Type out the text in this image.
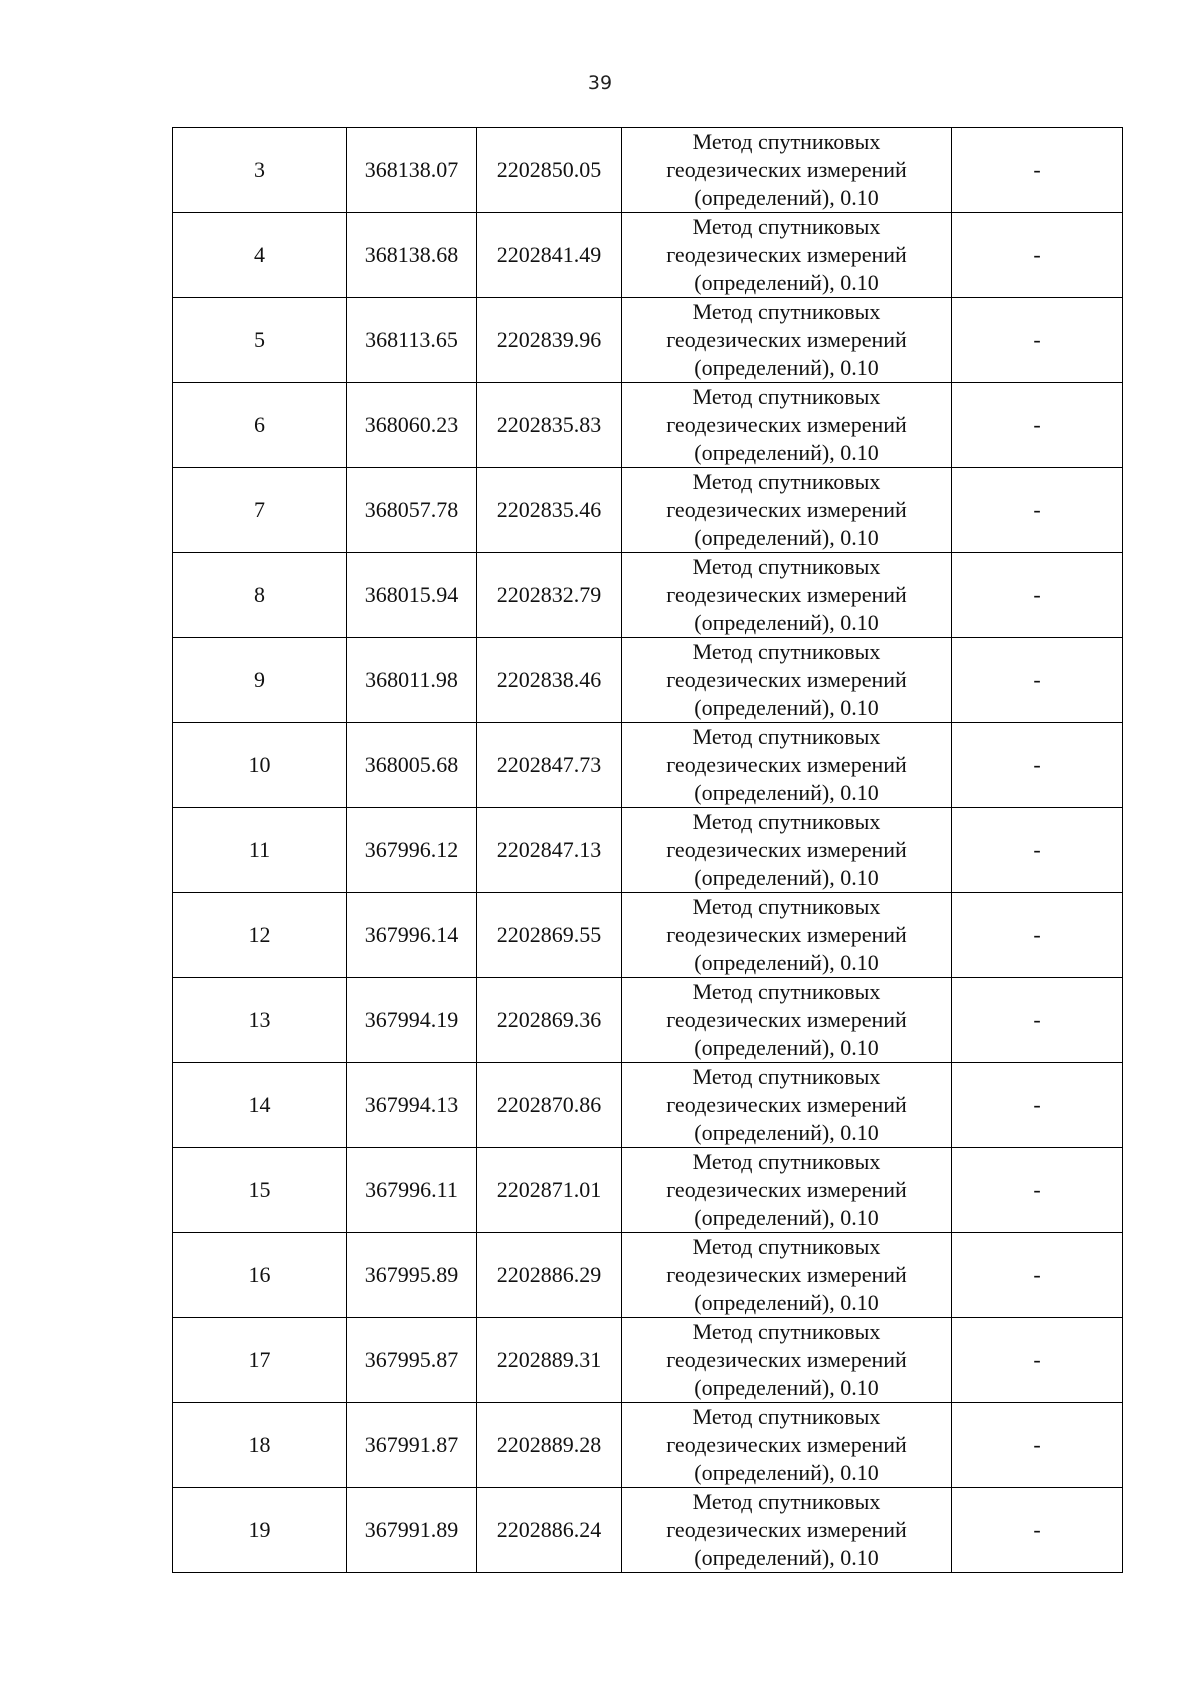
39
3	368138.07	2202850.05	Метод спутниковых
геодезических измерений
(определений), 0.10	-
4	368138.68	2202841.49	Метод спутниковых
геодезических измерений
(определений), 0.10	-
5	368113.65	2202839.96	Метод спутниковых
геодезических измерений
(определений), 0.10	-
6	368060.23	2202835.83	Метод спутниковых
геодезических измерений
(определений), 0.10	-
7	368057.78	2202835.46	Метод спутниковых
геодезических измерений
(определений), 0.10	-
8	368015.94	2202832.79	Метод спутниковых
геодезических измерений
(определений), 0.10	-
9	368011.98	2202838.46	Метод спутниковых
геодезических измерений
(определений), 0.10	-
10	368005.68	2202847.73	Метод спутниковых
геодезических измерений
(определений), 0.10	-
11	367996.12	2202847.13	Метод спутниковых
геодезических измерений
(определений), 0.10	-
12	367996.14	2202869.55	Метод спутниковых
геодезических измерений
(определений), 0.10	-
13	367994.19	2202869.36	Метод спутниковых
геодезических измерений
(определений), 0.10	-
14	367994.13	2202870.86	Метод спутниковых
геодезических измерений
(определений), 0.10	-
15	367996.11	2202871.01	Метод спутниковых
геодезических измерений
(определений), 0.10	-
16	367995.89	2202886.29	Метод спутниковых
геодезических измерений
(определений), 0.10	-
17	367995.87	2202889.31	Метод спутниковых
геодезических измерений
(определений), 0.10	-
18	367991.87	2202889.28	Метод спутниковых
геодезических измерений
(определений), 0.10	-
19	367991.89	2202886.24	Метод спутниковых
геодезических измерений
(определений), 0.10	-
